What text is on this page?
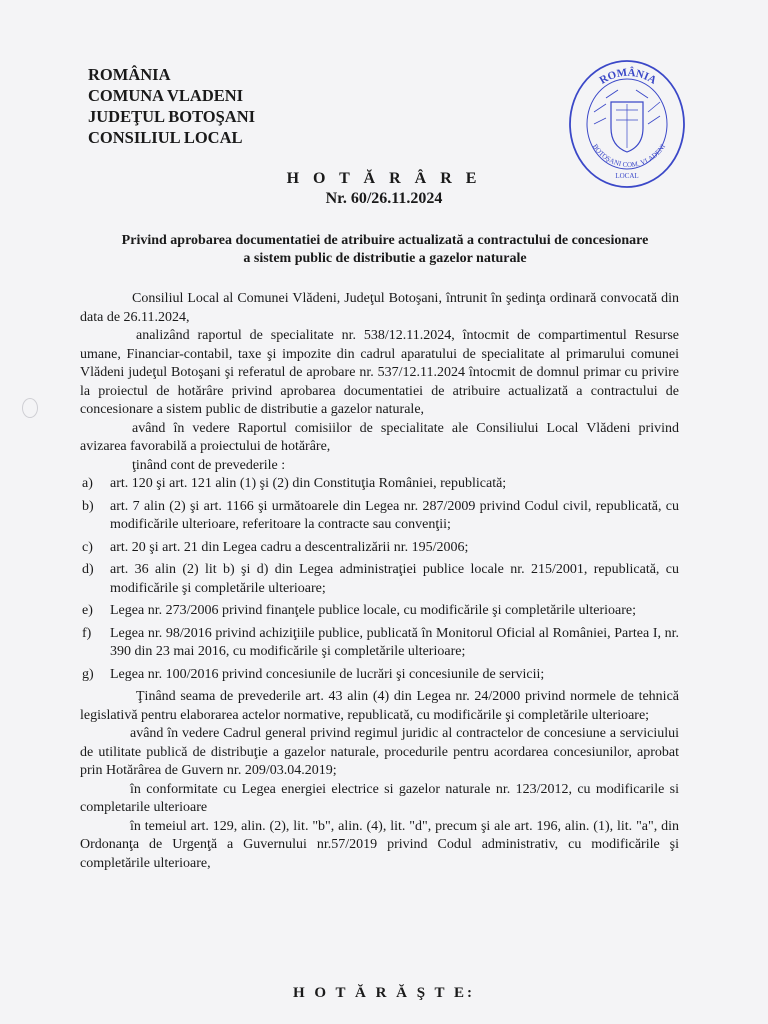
ROMÂNIA
COMUNA VLADENI
JUDEŢUL BOTOŞANI
CONSILIUL LOCAL
ROMÂNIA
BOTOŞANI COM. VLADENI
LOCAL
H O T Ă R Â R E
Nr. 60/26.11.2024
Privind aprobarea documentatiei de atribuire actualizată a contractului de concesionare a sistem public de distributie a gazelor naturale

Consiliul Local al Comunei Vlădeni, Judeţul Botoşani, întrunit în şedinţa ordinară convocată din data de 26.11.2024,

analizând raportul de specialitate nr. 538/12.11.2024, întocmit de compartimentul Resurse umane, Financiar-contabil, taxe şi impozite din cadrul aparatului de specialitate al primarului comunei Vlădeni judeţul Botoşani şi referatul de aprobare nr. 537/12.11.2024 întocmit de domnul primar cu privire la proiectul de hotărâre privind aprobarea documentatiei de atribuire actualizată a contractului de concesionare a sistem public de distributie a gazelor naturale,

având în vedere Raportul comisiilor de specialitate ale Consiliului Local Vlădeni privind avizarea favorabilă a proiectului de hotărâre,

ţinând cont de prevederile :

a) art. 120 şi art. 121 alin (1) şi (2) din Constituţia României, republicată;
b) art. 7 alin (2) şi art. 1166 şi următoarele din Legea nr. 287/2009 privind Codul civil, republicată, cu modificările ulterioare, referitoare la contracte sau convenţii;
c) art. 20 şi art. 21 din Legea cadru a descentralizării nr. 195/2006;
d) art. 36 alin (2) lit b) şi d) din Legea administraţiei publice locale nr. 215/2001, republicată, cu modificările şi completările ulterioare;
e) Legea nr. 273/2006 privind finanţele publice locale, cu modificările şi completările ulterioare;
f) Legea nr. 98/2016 privind achiziţiile publice, publicată în Monitorul Oficial al României, Partea I, nr. 390 din 23 mai 2016, cu modificările şi completările ulterioare;
g) Legea nr. 100/2016 privind concesiunile de lucrări şi concesiunile de servicii;

Ţinând seama de prevederile art. 43 alin (4) din Legea nr. 24/2000 privind normele de tehnică legislativă pentru elaborarea actelor normative, republicată, cu modificările şi completările ulterioare;

având în vedere Cadrul general privind regimul juridic al contractelor de concesiune a serviciului de utilitate publică de distribuţie a gazelor naturale, procedurile pentru acordarea concesiunilor, aprobat prin Hotărârea de Guvern nr. 209/03.04.2019;

în conformitate cu Legea energiei electrice si gazelor naturale nr. 123/2012, cu modificarile si completarile ulterioare

în temeiul art. 129, alin. (2), lit. "b", alin. (4), lit. "d", precum şi ale art. 196, alin. (1), lit. "a", din Ordonanţa de Urgenţă a Guvernului nr.57/2019 privind Codul administrativ, cu modificările şi completările ulterioare,

H O T Ă R Ă Ş T E:
